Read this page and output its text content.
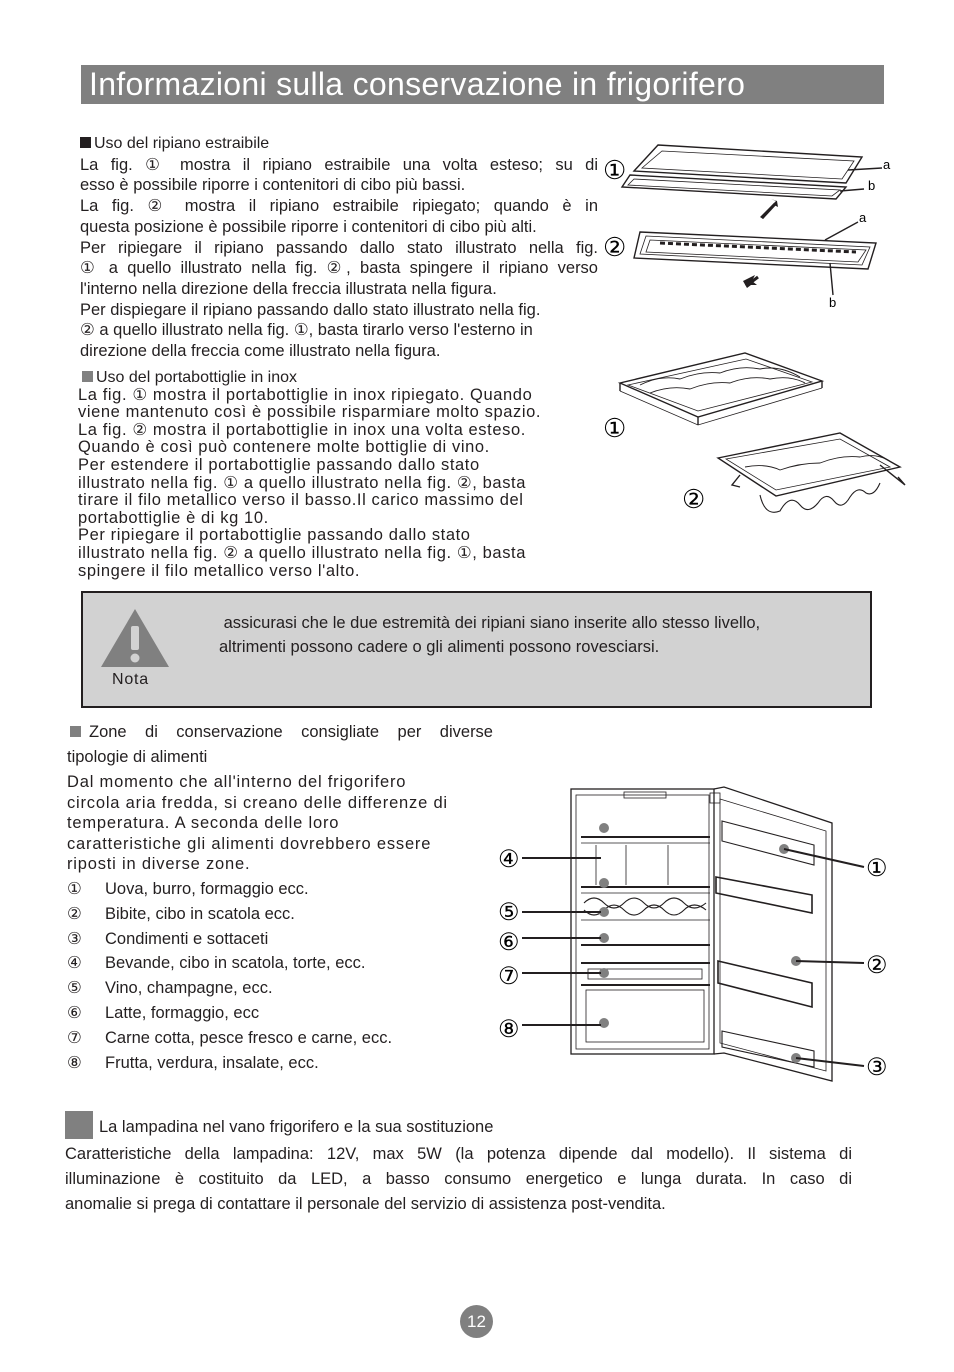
Informazioni sulla conservazione in frigorifero
Uso del ripiano estraibile
La fig. ① mostra il ripiano estraibile una volta esteso; su di
esso è possibile riporre i contenitori di cibo più bassi.
La fig. ② mostra il ripiano estraibile ripiegato; quando è in
questa posizione è possibile riporre i contenitori di cibo più alti.
Per ripiegare il ripiano passando dallo stato illustrato nella fig.
① a quello illustrato nella fig. ②, basta spingere il ripiano verso
l'interno nella direzione della freccia illustrata nella figura.
Per dispiegare il ripiano passando dallo stato illustrato nella fig.
② a quello illustrato nella fig. ①, basta tirarlo verso l'esterno in
direzione della freccia come illustrato nella figura.
①
②
a
b
a
b
Uso del portabottiglie in inox
La fig. ① mostra il portabottiglie in inox ripiegato. Quando
viene mantenuto così è possibile risparmiare molto spazio.
La fig. ② mostra il portabottiglie in inox una volta esteso.
Quando è così può contenere molte bottiglie di vino.
Per estendere il portabottiglie passando dallo stato
illustrato nella fig. ① a quello illustrato nella fig. ②, basta
tirare il filo metallico verso il basso.Il carico massimo del
portabottiglie è di kg 10.
Per ripiegare il portabottiglie passando dallo stato
illustrato nella fig. ② a quello illustrato nella fig. ①, basta
spingere il filo metallico verso l'alto.
①
②
assicurasi che le due estremità dei ripiani siano inserite allo stesso livello,
altrimenti possono cadere o gli alimenti possono rovesciarsi.
Nota
Zone  di  conservazione  consigliate  per  diverse
tipologie di alimenti
Dal momento che all'interno del frigorifero
circola aria fredda, si creano delle differenze di
temperatura. A seconda delle loro
caratteristiche gli alimenti dovrebbero essere
riposti in diverse zone.
① Uova, burro, formaggio ecc.
② Bibite, cibo in scatola ecc.
③ Condimenti e sottaceti
④ Bevande, cibo in scatola, torte, ecc.
⑤ Vino, champagne, ecc.
⑥ Latte, formaggio, ecc
⑦ Carne cotta, pesce fresco e carne, ecc.
⑧ Frutta, verdura, insalate, ecc.
④
⑤
⑥
⑦
⑧
①
②
③
La lampadina nel vano frigorifero e la sua sostituzione
Caratteristiche  della  lampadina:  12V,  max  5W  (la  potenza  dipende  dal  modello).  Il  sistema  di
illuminazione  è  costituito  da  LED,  a  basso  consumo  energetico  e  lunga  durata.  In  caso  di
anomalie si prega di contattare il personale del servizio di assistenza post-vendita.
12
